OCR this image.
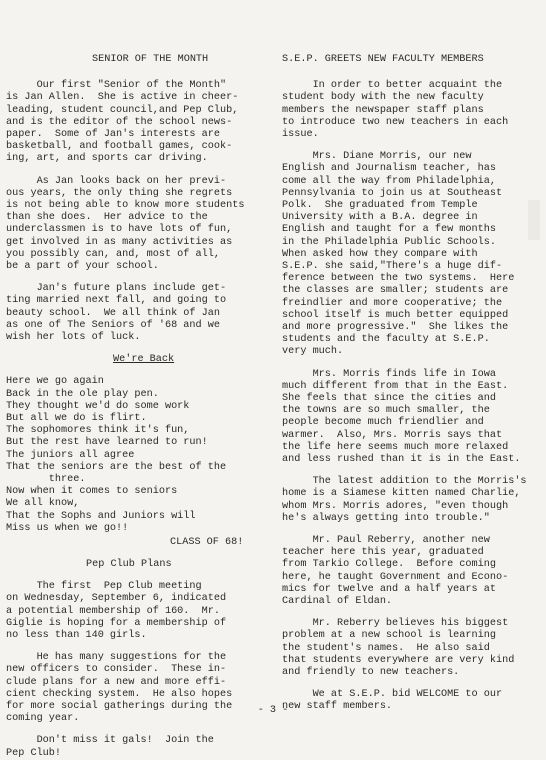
SENIOR OF THE MONTH
Our first "Senior of the Month"
is Jan Allen.  She is active in cheer-
leading, student council,and Pep Club,
and is the editor of the school news-
paper.  Some of Jan's interests are
basketball, and football games, cook-
ing, art, and sports car driving.
As Jan looks back on her previ-
ous years, the only thing she regrets
is not being able to know more students
than she does.  Her advice to the
underclassmen is to have lots of fun,
get involved in as many activities as
you possibly can, and, most of all,
be a part of your school.
Jan's future plans include get-
ting married next fall, and going to
beauty school.  We all think of Jan
as one of The Seniors of '68 and we
wish her lots of luck.
We're Back
Here we go again
Back in the ole play pen.
They thought we'd do some work
But all we do is flirt.
The sophomores think it's fun,
But the rest have learned to run!
The juniors all agree
That the seniors are the best of the
three.
Now when it comes to seniors
We all know,
That the Sophs and Juniors will
Miss us when we go!!
CLASS OF 68!
Pep Club Plans
The first  Pep Club meeting
on Wednesday, September 6, indicated
a potential membership of 160.  Mr.
Giglie is hoping for a membership of
no less than 140 girls.
He has many suggestions for the
new officers to consider.  These in-
clude plans for a new and more effi-
cient checking system.  He also hopes
for more social gatherings during the
coming year.
Don't miss it gals!  Join the
Pep Club!
S.E.P. GREETS NEW FACULTY MEMBERS
In order to better acquaint the
student body with the new faculty
members the newspaper staff plans
to introduce two new teachers in each
issue.
Mrs. Diane Morris, our new
English and Journalism teacher, has
come all the way from Philadelphia,
Pennsylvania to join us at Southeast
Polk.  She graduated from Temple
University with a B.A. degree in
English and taught for a few months
in the Philadelphia Public Schools.
When asked how they compare with
S.E.P. she said,"There's a huge dif-
ference between the two systems.  Here
the classes are smaller; students are
freindlier and more cooperative; the
school itself is much better equipped
and more progressive."  She likes the
students and the faculty at S.E.P.
very much.
Mrs. Morris finds life in Iowa
much different from that in the East.
She feels that since the cities and
the towns are so much smaller, the
people become much friendlier and
warmer.  Also, Mrs. Morris says that
the life here seems much more relaxed
and less rushed than it is in the East.
The latest addition to the Morris's
home is a Siamese kitten named Charlie,
whom Mrs. Morris adores, "even though
he's always getting into trouble."
Mr. Paul Reberry, another new
teacher here this year, graduated
from Tarkio College.  Before coming
here, he taught Government and Econo-
mics for twelve and a half years at
Cardinal of Eldan.
Mr. Reberry believes his biggest
problem at a new school is learning
the student's names.  He also said
that students everywhere are very kind
and friendly to new teachers.
We at S.E.P. bid WELCOME to our
new staff members.
- 3 -
